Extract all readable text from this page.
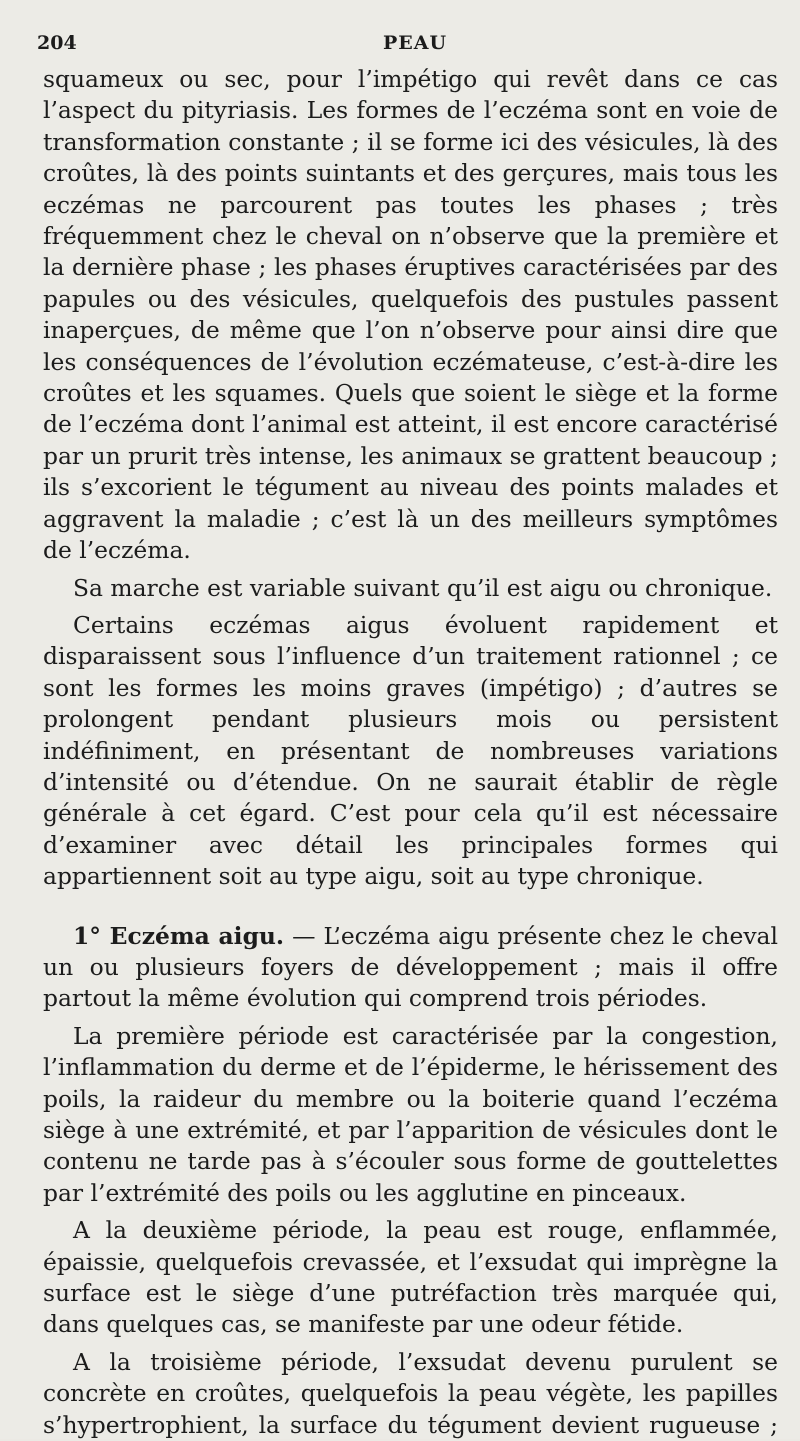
204	PEAU

squameux ou sec, pour l’impétigo qui revêt dans ce cas l’aspect du pityriasis. Les formes de l’eczéma sont en voie de transformation constante ; il se forme ici des vésicules, là des croûtes, là des points suintants et des gerçures, mais tous les eczémas ne parcourent pas toutes les phases ; très fréquemment chez le cheval on n’observe que la première et la dernière phase ; les phases éruptives caractérisées par des papules ou des vésicules, quelquefois des pustules passent inaperçues, de même que l’on n’observe pour ainsi dire que les conséquences de l’évolution eczémateuse, c’est-à-dire les croûtes et les squames. Quels que soient le siège et la forme de l’eczéma dont l’animal est atteint, il est encore caractérisé par un prurit très intense, les animaux se grattent beaucoup ; ils s’excorient le tégument au niveau des points malades et aggravent la maladie ; c’est là un des meilleurs symptômes de l’eczéma.

Sa marche est variable suivant qu’il est aigu ou chronique.

Certains eczémas aigus évoluent rapidement et disparaissent sous l’influence d’un traitement rationnel ; ce sont les formes les moins graves (impétigo) ; d’autres se prolongent pendant plusieurs mois ou persistent indéfiniment, en présentant de nombreuses variations d’intensité ou d’étendue. On ne saurait établir de règle générale à cet égard. C’est pour cela qu’il est nécessaire d’examiner avec détail les principales formes qui appartiennent soit au type aigu, soit au type chronique.

1° Eczéma aigu. — L’eczéma aigu présente chez le cheval un ou plusieurs foyers de développement ; mais il offre partout la même évolution qui comprend trois périodes.

La première période est caractérisée par la congestion, l’inflammation du derme et de l’épiderme, le hérissement des poils, la raideur du membre ou la boiterie quand l’eczéma siège à une extrémité, et par l’apparition de vésicules dont le contenu ne tarde pas à s’écouler sous forme de gouttelettes par l’extrémité des poils ou les agglutine en pinceaux.

A la deuxième période, la peau est rouge, enflammée, épaissie, quelquefois crevassée, et l’exsudat qui imprègne la surface est le siège d’une putréfaction très marquée qui, dans quelques cas, se manifeste par une odeur fétide.

A la troisième période, l’exsudat devenu purulent se concrète en croûtes, quelquefois la peau végète, les papilles s’hypertrophient, la surface du tégument devient rugueuse ;
